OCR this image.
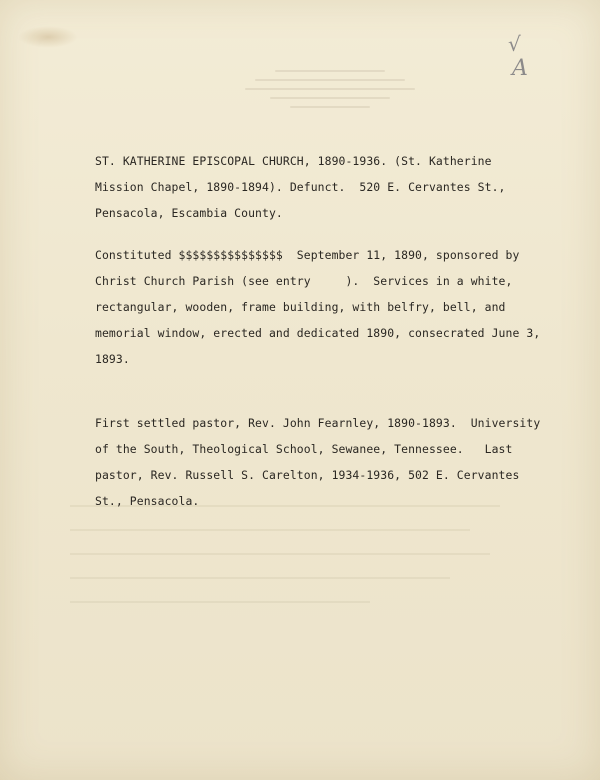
√
A

ST. KATHERINE EPISCOPAL CHURCH, 1890-1936. (St. Katherine
Mission Chapel, 1890-1894). Defunct.  520 E. Cervantes St.,
Pensacola, Escambia County.

Constituted $$$$$$$$$$$$$$$  September 11, 1890, sponsored by
Christ Church Parish (see entry     ).  Services in a white,
rectangular, wooden, frame building, with belfry, bell, and
memorial window, erected and dedicated 1890, consecrated June 3,
1893.

First settled pastor, Rev. John Fearnley, 1890-1893.  University
of the South, Theological School, Sewanee, Tennessee.   Last
pastor, Rev. Russell S. Carelton, 1934-1936, 502 E. Cervantes
St., Pensacola.
